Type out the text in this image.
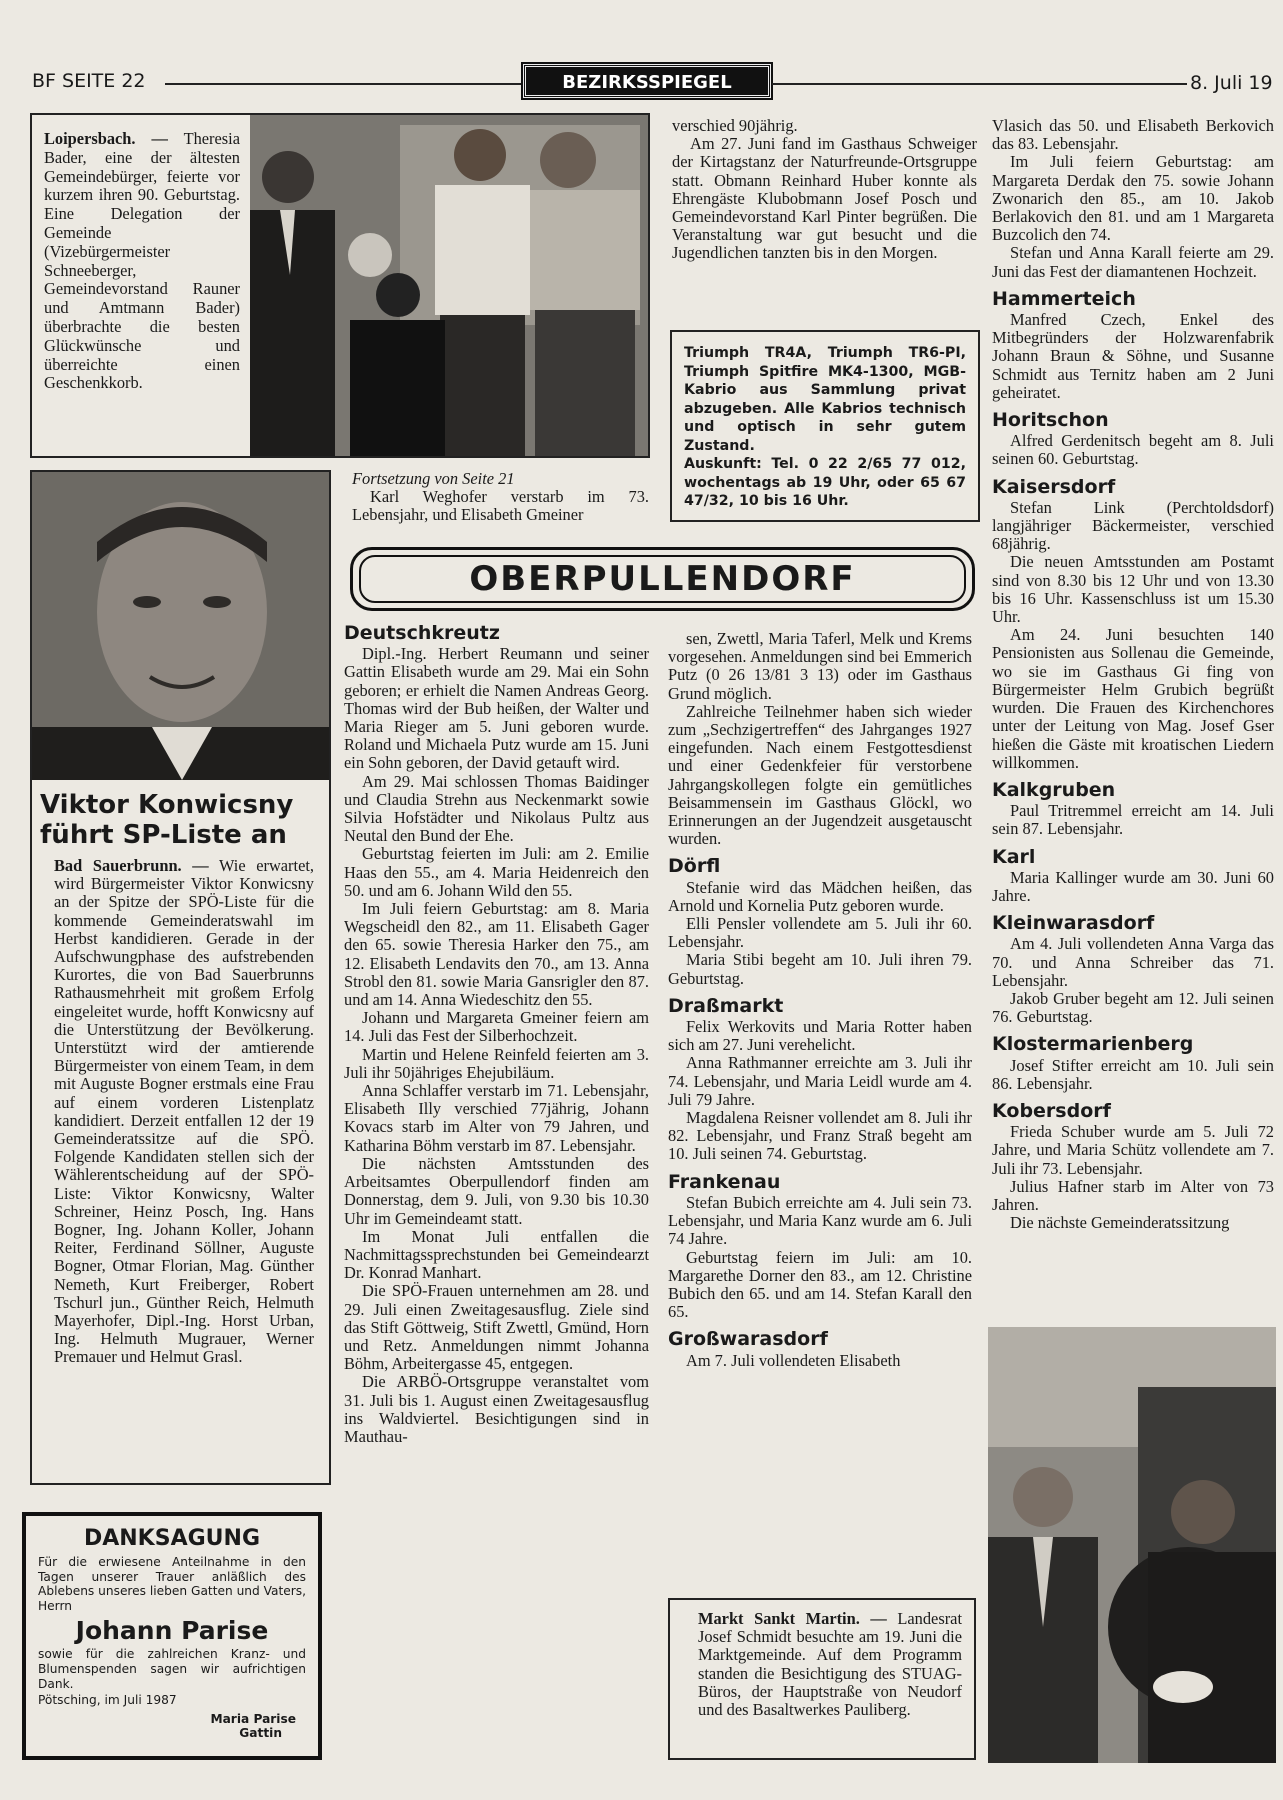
BF SEITE 22	BEZIRKSSPIEGEL	8. Juli 19
Loipersbach. — Theresia Bader, eine der ältesten Gemeindebürger, feierte vor kurzem ihren 90. Geburtstag. Eine Delegation der Gemeinde (Vizebürgermeister Schneeberger, Gemeindevorstand Rauner und Amtmann Bader) überbrachte die besten Glückwünsche und überreichte einen Geschenkkorb.

verschied 90jährig.

Am 27. Juni fand im Gasthaus Schweiger der Kirtagstanz der Naturfreunde-Ortsgruppe statt. Obmann Reinhard Huber konnte als Ehrengäste Klubobmann Josef Posch und Gemeindevorstand Karl Pinter begrüßen. Die Veranstaltung war gut besucht und die Jugendlichen tanzten bis in den Morgen.

Fortsetzung von Seite 21

Karl Weghofer verstarb im 73. Lebensjahr, und Elisabeth Gmeiner

Triumph TR4A, Triumph TR6-PI, Triumph Spitfire MK4-1300, MGB-Kabrio aus Sammlung privat abzugeben. Alle Kabrios technisch und optisch in sehr gutem Zustand.
Auskunft: Tel. 0 22 2/65 77 012, wochentags ab 19 Uhr, oder 65 67 47/32, 10 bis 16 Uhr.

Vlasich das 50. und Elisabeth Berkovich das 83. Lebensjahr.

Im Juli feiern Geburtstag: am Margareta Derdak den 75. sowie Johann Zwonarich den 85., am 10. Jakob Berlakovich den 81. und am 1 Margareta Buzcolich den 74.

Stefan und Anna Karall feierte am 29. Juni das Fest der diamantenen Hochzeit.

Hammerteich

Manfred Czech, Enkel des Mitbegründers der Holzwarenfabrik Johann Braun & Söhne, und Susanne Schmidt aus Ternitz haben am 2 Juni geheiratet.

Horitschon

Alfred Gerdenitsch begeht am 8. Juli seinen 60. Geburtstag.

Kaisersdorf

Stefan Link (Perchtoldsdorf) langjähriger Bäckermeister, verschied 68jährig.

Die neuen Amtsstunden am Postamt sind von 8.30 bis 12 Uhr und von 13.30 bis 16 Uhr. Kassenschluss ist um 15.30 Uhr.

Am 24. Juni besuchten 140 Pensionisten aus Sollenau die Gemeinde, wo sie im Gasthaus Gi fing von Bürgermeister Helm Grubich begrüßt wurden. Die Frauen des Kirchenchores unter der Leitung von Mag. Josef Gser hießen die Gäste mit kroatischen Liedern willkommen.

Kalkgruben

Paul Tritremmel erreicht am 14. Juli sein 87. Lebensjahr.

Karl

Maria Kallinger wurde am 30. Juni 60 Jahre.

Kleinwarasdorf

Am 4. Juli vollendeten Anna Varga das 70. und Anna Schreiber das 71. Lebensjahr.

Jakob Gruber begeht am 12. Juli seinen 76. Geburtstag.

Klostermarienberg

Josef Stifter erreicht am 10. Juli sein 86. Lebensjahr.

Kobersdorf

Frieda Schuber wurde am 5. Juli 72 Jahre, und Maria Schütz vollendete am 7. Juli ihr 73. Lebensjahr.

Julius Hafner starb im Alter von 73 Jahren.

Die nächste Gemeinderatssitzung

Viktor Konwicsny führt SP-Liste an
Bad Sauerbrunn. — Wie erwartet, wird Bürgermeister Viktor Konwicsny an der Spitze der SPÖ-Liste für die kommende Gemeinderatswahl im Herbst kandidieren. Gerade in der Aufschwungphase des aufstrebenden Kurortes, die von Bad Sauerbrunns Rathausmehrheit mit großem Erfolg eingeleitet wurde, hofft Konwicsny auf die Unterstützung der Bevölkerung. Unterstützt wird der amtierende Bürgermeister von einem Team, in dem mit Auguste Bogner erstmals eine Frau auf einem vorderen Listenplatz kandidiert. Derzeit entfallen 12 der 19 Gemeinderatssitze auf die SPÖ. Folgende Kandidaten stellen sich der Wählerentscheidung auf der SPÖ-Liste: Viktor Konwicsny, Walter Schreiner, Heinz Posch, Ing. Hans Bogner, Ing. Johann Koller, Johann Reiter, Ferdinand Söllner, Auguste Bogner, Otmar Florian, Mag. Günther Nemeth, Kurt Freiberger, Robert Tschurl jun., Günther Reich, Helmuth Mayerhofer, Dipl.-Ing. Horst Urban, Ing. Helmuth Mugrauer, Werner Premauer und Helmut Grasl.
DANKSAGUNG
Für die erwiesene Anteilnahme in den Tagen unserer Trauer anläßlich des Ablebens unseres lieben Gatten und Vaters, Herrn
Johann Parise
sowie für die zahlreichen Kranz- und Blumenspenden sagen wir aufrichtigen Dank.
Pötsching, im Juli 1987
Maria Parise
Gattin
OBERPULLENDORF
Deutschkreutz

Dipl.-Ing. Herbert Reumann und seiner Gattin Elisabeth wurde am 29. Mai ein Sohn geboren; er erhielt die Namen Andreas Georg. Thomas wird der Bub heißen, der Walter und Maria Rieger am 5. Juni geboren wurde. Roland und Michaela Putz wurde am 15. Juni ein Sohn geboren, der David getauft wird.

Am 29. Mai schlossen Thomas Baidinger und Claudia Strehn aus Neckenmarkt sowie Silvia Hofstädter und Nikolaus Pultz aus Neutal den Bund der Ehe.

Geburtstag feierten im Juli: am 2. Emilie Haas den 55., am 4. Maria Heidenreich den 50. und am 6. Johann Wild den 55.

Im Juli feiern Geburtstag: am 8. Maria Wegscheidl den 82., am 11. Elisabeth Gager den 65. sowie Theresia Harker den 75., am 12. Elisabeth Lendavits den 70., am 13. Anna Strobl den 81. sowie Maria Gansrigler den 87. und am 14. Anna Wiedeschitz den 55.

Johann und Margareta Gmeiner feiern am 14. Juli das Fest der Silberhochzeit.

Martin und Helene Reinfeld feierten am 3. Juli ihr 50jähriges Ehejubiläum.

Anna Schlaffer verstarb im 71. Lebensjahr, Elisabeth Illy verschied 77jährig, Johann Kovacs starb im Alter von 79 Jahren, und Katharina Böhm verstarb im 87. Lebensjahr.

Die nächsten Amtsstunden des Arbeitsamtes Oberpullendorf finden am Donnerstag, dem 9. Juli, von 9.30 bis 10.30 Uhr im Gemeindeamt statt.

Im Monat Juli entfallen die Nachmittagssprechstunden bei Gemeindearzt Dr. Konrad Manhart.

Die SPÖ-Frauen unternehmen am 28. und 29. Juli einen Zweitagesausflug. Ziele sind das Stift Göttweig, Stift Zwettl, Gmünd, Horn und Retz. Anmeldungen nimmt Johanna Böhm, Arbeitergasse 45, entgegen.

Die ARBÖ-Ortsgruppe veranstaltet vom 31. Juli bis 1. August einen Zweitagesausflug ins Waldviertel. Besichtigungen sind in Mauthau-

sen, Zwettl, Maria Taferl, Melk und Krems vorgesehen. Anmeldungen sind bei Emmerich Putz (0 26 13/81 3 13) oder im Gasthaus Grund möglich.

Zahlreiche Teilnehmer haben sich wieder zum „Sechzigertreffen“ des Jahrganges 1927 eingefunden. Nach einem Festgottesdienst und einer Gedenkfeier für verstorbene Jahrgangskollegen folgte ein gemütliches Beisammensein im Gasthaus Glöckl, wo Erinnerungen an der Jugendzeit ausgetauscht wurden.

Dörfl

Stefanie wird das Mädchen heißen, das Arnold und Kornelia Putz geboren wurde.

Elli Pensler vollendete am 5. Juli ihr 60. Lebensjahr.

Maria Stibi begeht am 10. Juli ihren 79. Geburtstag.

Draßmarkt

Felix Werkovits und Maria Rotter haben sich am 27. Juni verehelicht.

Anna Rathmanner erreichte am 3. Juli ihr 74. Lebensjahr, und Maria Leidl wurde am 4. Juli 79 Jahre.

Magdalena Reisner vollendet am 8. Juli ihr 82. Lebensjahr, und Franz Straß begeht am 10. Juli seinen 74. Geburtstag.

Frankenau

Stefan Bubich erreichte am 4. Juli sein 73. Lebensjahr, und Maria Kanz wurde am 6. Juli 74 Jahre.

Geburtstag feiern im Juli: am 10. Margarethe Dorner den 83., am 12. Christine Bubich den 65. und am 14. Stefan Karall den 65.

Großwarasdorf

Am 7. Juli vollendeten Elisabeth

Markt Sankt Martin. — Landesrat Josef Schmidt besuchte am 19. Juni die Marktgemeinde. Auf dem Programm standen die Besichtigung des STUAG-Büros, der Hauptstraße von Neudorf und des Basaltwerkes Pauliberg.
